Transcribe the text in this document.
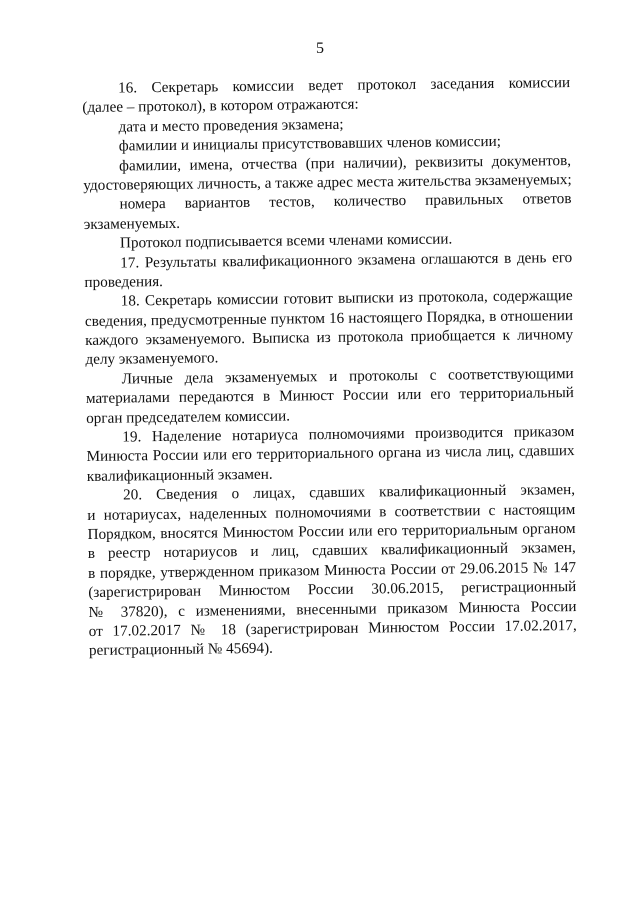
5
16. Секретарь комиссии ведет протокол заседания комиссии
(далее – протокол), в котором отражаются:
дата и место проведения экзамена;
фамилии и инициалы присутствовавших членов комиссии;
фамилии, имена, отчества (при наличии), реквизиты документов,
удостоверяющих личность, а также адрес места жительства экзаменуемых;
номера вариантов тестов, количество правильных ответов
экзаменуемых.
Протокол подписывается всеми членами комиссии.
17. Результаты квалификационного экзамена оглашаются в день его
проведения.
18. Секретарь комиссии готовит выписки из протокола, содержащие
сведения, предусмотренные пунктом 16 настоящего Порядка, в отношении
каждого экзаменуемого. Выписка из протокола приобщается к личному
делу экзаменуемого.
Личные дела экзаменуемых и протоколы с соответствующими
материалами передаются в Минюст России или его территориальный
орган председателем комиссии.
19. Наделение нотариуса полномочиями производится приказом
Минюста России или его территориального органа из числа лиц, сдавших
квалификационный экзамен.
20. Сведения о лицах, сдавших квалификационный экзамен,
и нотариусах, наделенных полномочиями в соответствии с настоящим
Порядком, вносятся Минюстом России или его территориальным органом
в реестр нотариусов и лиц, сдавших квалификационный экзамен,
в порядке, утвержденном приказом Минюста России от 29.06.2015 № 147
(зарегистрирован Минюстом России 30.06.2015, регистрационный
№ 37820), с изменениями, внесенными приказом Минюста России
от 17.02.2017 № 18 (зарегистрирован Минюстом России 17.02.2017,
регистрационный № 45694).
